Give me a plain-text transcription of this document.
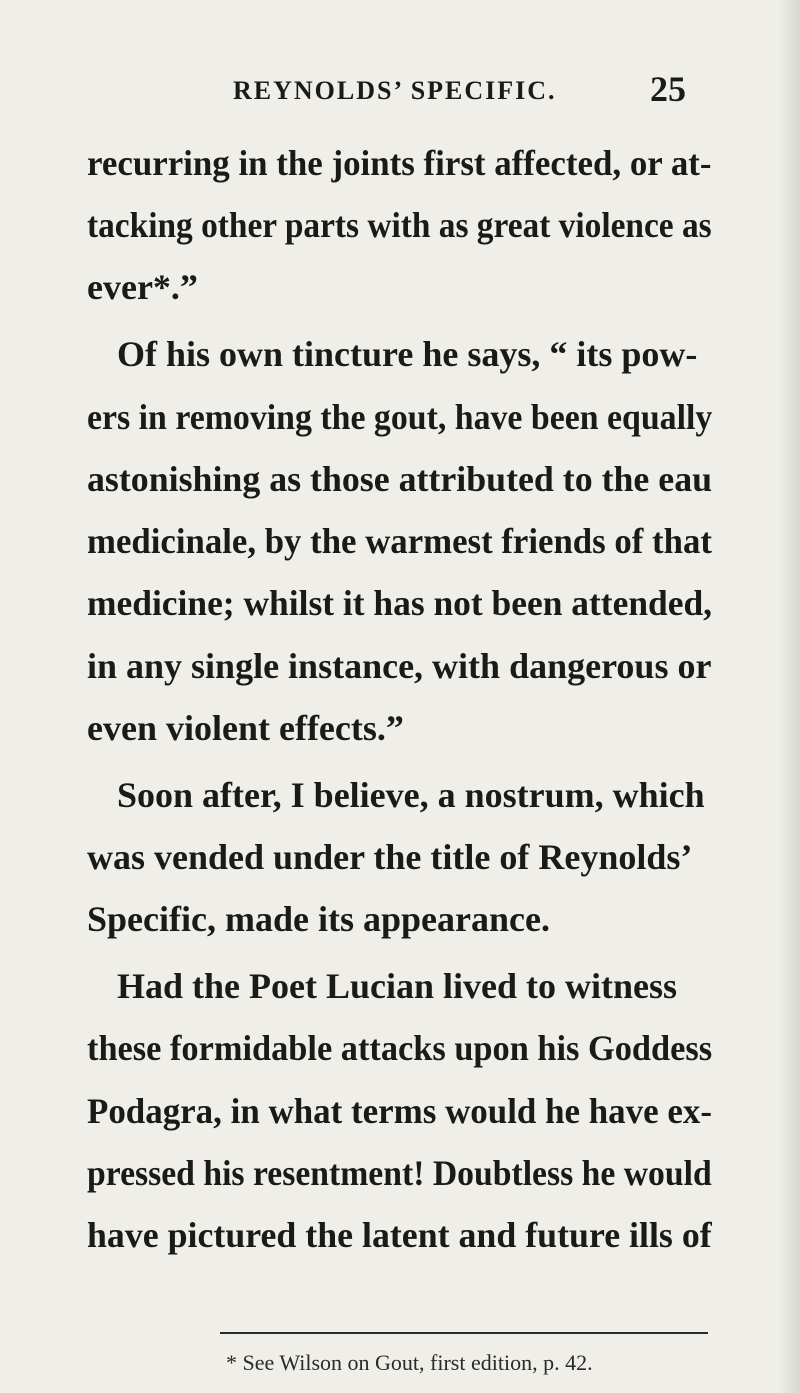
REYNOLDS’ SPECIFIC.	25
recurring in the joints first affected, or at-
tacking other parts with as great violence as
ever*.”
Of his own tincture he says, “ its pow-
ers in removing the gout, have been equally
astonishing as those attributed to the eau
medicinale, by the warmest friends of that
medicine; whilst it has not been attended,
in any single instance, with dangerous or
even violent effects.”
Soon after, I believe, a nostrum, which
was vended under the title of Reynolds’
Specific, made its appearance.
Had the Poet Lucian lived to witness
these formidable attacks upon his Goddess
Podagra, in what terms would he have ex-
pressed his resentment! Doubtless he would
have pictured the latent and future ills of
* See Wilson on Gout, first edition, p. 42.
